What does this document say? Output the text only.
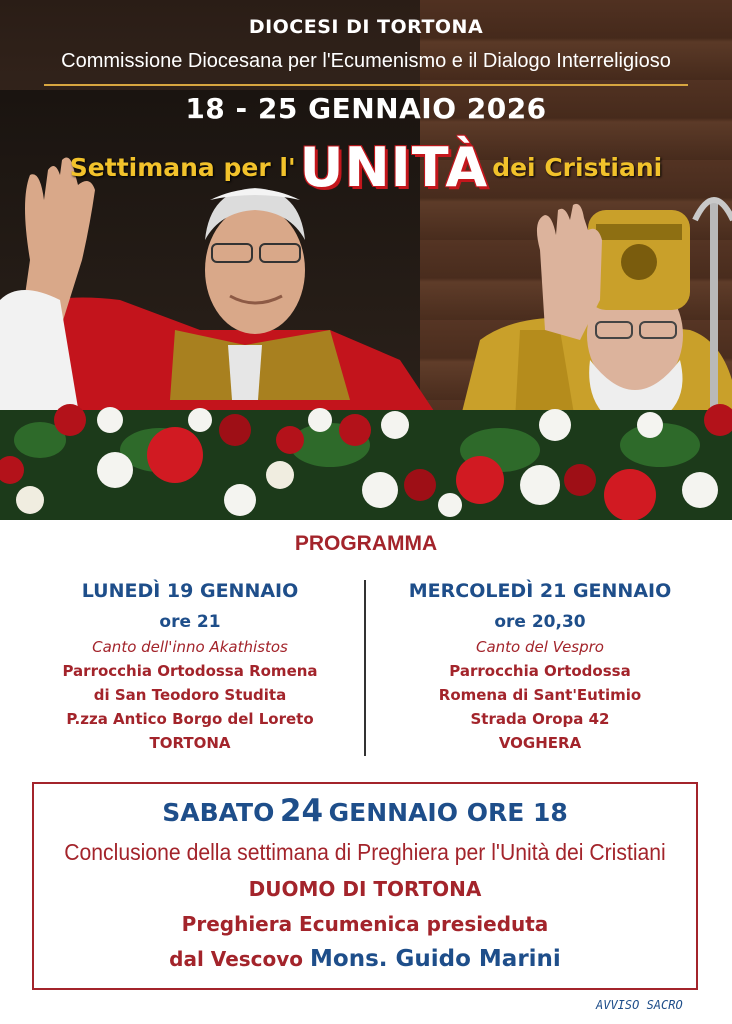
DIOCESI DI TORTONA
Commissione Diocesana per l'Ecumenismo e il Dialogo Interreligioso
18 - 25 GENNAIO 2026
Settimana per l' UNITÀ dei Cristiani
PROGRAMMA
LUNEDÌ 19 GENNAIO
ore 21
Canto dell'inno Akathistos
Parrocchia Ortodossa Romena
di San Teodoro Studita
P.zza Antico Borgo del Loreto
TORTONA
MERCOLEDÌ 21 GENNAIO
ore 20,30
Canto del Vespro
Parrocchia Ortodossa
Romena di Sant'Eutimio
Strada Oropa 42
VOGHERA
SABATO 24 GENNAIO ORE 18
Conclusione della settimana di Preghiera per l'Unità dei Cristiani
DUOMO DI TORTONA
Preghiera Ecumenica presieduta
dal Vescovo Mons. Guido Marini
AVVISO SACRO
